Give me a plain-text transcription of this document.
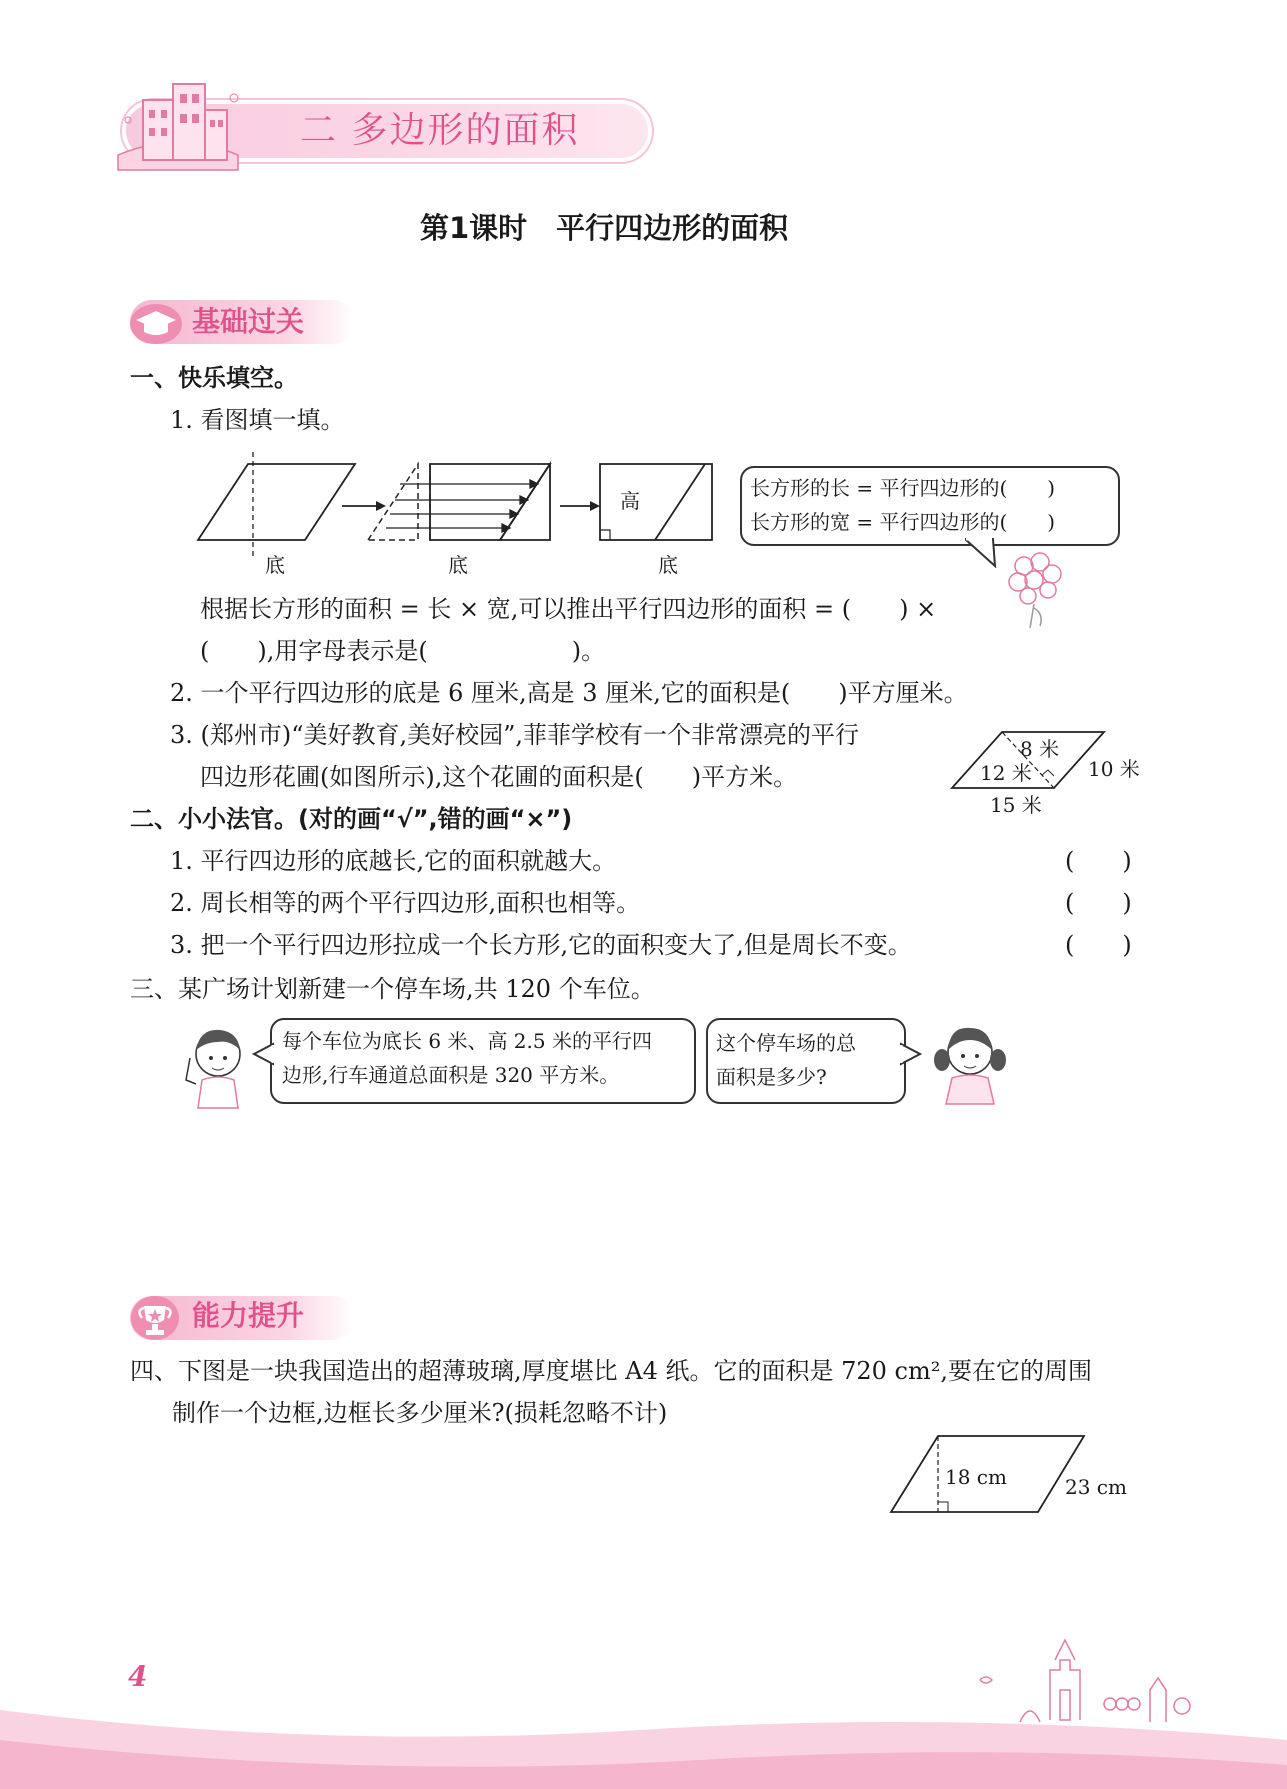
二 多边形的面积
第1课时　平行四边形的面积
基础过关
一、快乐填空。
1. 看图填一填。
高
底	底	底
长方形的长 = 平行四边形的(　　)
长方形的宽 = 平行四边形的(　　)
根据长方形的面积 = 长 × 宽,可以推出平行四边形的面积 = (　　) ×
(　　),用字母表示是(　　　　　　)。
2. 一个平行四边形的底是 6 厘米,高是 3 厘米,它的面积是(　　)平方厘米。
3. (郑州市)“美好教育,美好校园”,菲菲学校有一个非常漂亮的平行
四边形花圃(如图所示),这个花圃的面积是(　　)平方米。
8 米
12 米	10 米
15 米
二、小小法官。(对的画“√”,错的画“×”)
1. 平行四边形的底越长,它的面积就越大。	(　　)
2. 周长相等的两个平行四边形,面积也相等。	(　　)
3. 把一个平行四边形拉成一个长方形,它的面积变大了,但是周长不变。	(　　)
三、某广场计划新建一个停车场,共 120 个车位。
每个车位为底长 6 米、高 2.5 米的平行四
边形,行车通道总面积是 320 平方米。
这个停车场的总
面积是多少?
能力提升
四、下图是一块我国造出的超薄玻璃,厚度堪比 A4 纸。它的面积是 720 cm²,要在它的周围
制作一个边框,边框长多少厘米?(损耗忽略不计)
18 cm	23 cm
4
